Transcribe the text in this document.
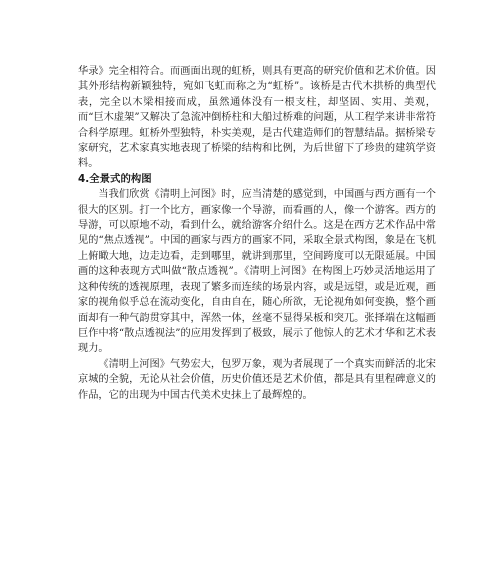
华录》完全相符合。而画面出现的虹桥，则具有更高的研究价值和艺术价值。因其外形结构新颖独特，宛如飞虹而称之为“虹桥”。该桥是古代木拱桥的典型代表，完全以木梁相接而成，虽然通体没有一根支柱，却坚固、实用、美观，而“巨木虚架”又解决了急流冲倒桥柱和大船过桥难的问题，从工程学来讲非常符合科学原理。虹桥外型独特，朴实美观，是古代建造师们的智慧结晶。据桥梁专家研究，艺术家真实地表现了桥梁的结构和比例，为后世留下了珍贵的建筑学资料。

4.全景式的构图

当我们欣赏《清明上河图》时，应当清楚的感觉到，中国画与西方画有一个很大的区别。打一个比方，画家像一个导游，而看画的人，像一个游客。西方的导游，可以原地不动，看到什么，就给游客介绍什么。这是在西方艺术作品中常见的“焦点透视”。中国的画家与西方的画家不同，采取全景式构图，象是在飞机上俯瞰大地，边走边看，走到哪里，就讲到那里，空间跨度可以无限延展。中国画的这种表现方式叫做“散点透视”。《清明上河图》在构图上巧妙灵活地运用了这种传统的透视原理，表现了繁多而连续的场景内容，或是远望，或是近观，画家的视角似乎总在流动变化，自由自在，随心所欲，无论视角如何变换，整个画面却有一种气韵贯穿其中，浑然一体，丝毫不显得呆板和突兀。张择端在这幅画巨作中将“散点透视法”的应用发挥到了极致，展示了他惊人的艺术才华和艺术表现力。

《清明上河图》气势宏大，包罗万象，观为者展现了一个真实而鲜活的北宋京城的全貌，无论从社会价值，历史价值还是艺术价值，都是具有里程碑意义的作品，它的出现为中国古代美术史抹上了最辉煌的。
